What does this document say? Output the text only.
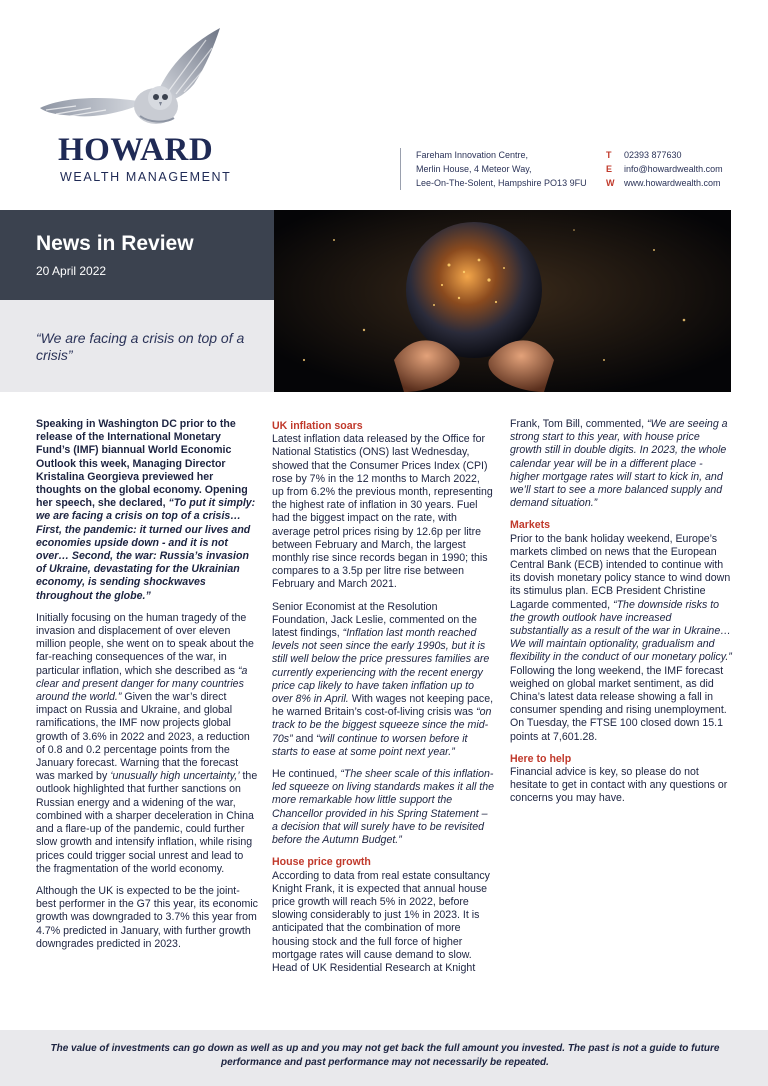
HOWARD
WEALTH MANAGEMENT
Fareham Innovation Centre,
Merlin House, 4 Meteor Way,
Lee-On-The-Solent, Hampshire PO13 9FU
T 02393 877630
E info@howardwealth.com
W www.howardwealth.com
News in Review
20 April 2022
“We are facing a crisis on top of a crisis”

Speaking in Washington DC prior to the release of the International Monetary Fund’s (IMF) biannual World Economic Outlook this week, Managing Director Kristalina Georgieva previewed her thoughts on the global economy. Opening her speech, she declared, “To put it simply: we are facing a crisis on top of a crisis… First, the pandemic: it turned our lives and economies upside down - and it is not over… Second, the war: Russia’s invasion of Ukraine, devastating for the Ukrainian economy, is sending shockwaves throughout the globe.”

Initially focusing on the human tragedy of the invasion and displacement of over eleven million people, she went on to speak about the far-reaching consequences of the war, in particular inflation, which she described as “a clear and present danger for many countries around the world.” Given the war’s direct impact on Russia and Ukraine, and global ramifications, the IMF now projects global growth of 3.6% in 2022 and 2023, a reduction of 0.8 and 0.2 percentage points from the January forecast. Warning that the forecast was marked by ‘unusually high uncertainty,’ the outlook highlighted that further sanctions on Russian energy and a widening of the war, combined with a sharper deceleration in China and a flare-up of the pandemic, could further slow growth and intensify inflation, while rising prices could trigger social unrest and lead to the fragmentation of the world economy.

Although the UK is expected to be the joint-best performer in the G7 this year, its economic growth was downgraded to 3.7% this year from 4.7% predicted in January, with further growth downgrades predicted in 2023.

UK inflation soars

Latest inflation data released by the Office for National Statistics (ONS) last Wednesday, showed that the Consumer Prices Index (CPI) rose by 7% in the 12 months to March 2022, up from 6.2% the previous month, representing the highest rate of inflation in 30 years. Fuel had the biggest impact on the rate, with average petrol prices rising by 12.6p per litre between February and March, the largest monthly rise since records began in 1990; this compares to a 3.5p per litre rise between February and March 2021.

Senior Economist at the Resolution Foundation, Jack Leslie, commented on the latest findings, “Inflation last month reached levels not seen since the early 1990s, but it is still well below the price pressures families are currently experiencing with the recent energy price cap likely to have taken inflation up to over 8% in April. With wages not keeping pace, he warned Britain’s cost-of-living crisis was “on track to be the biggest squeeze since the mid-70s” and “will continue to worsen before it starts to ease at some point next year.”

He continued, “The sheer scale of this inflation-led squeeze on living standards makes it all the more remarkable how little support the Chancellor provided in his Spring Statement – a decision that will surely have to be revisited before the Autumn Budget.”

House price growth

According to data from real estate consultancy Knight Frank, it is expected that annual house price growth will reach 5% in 2022, before slowing considerably to just 1% in 2023. It is anticipated that the combination of more housing stock and the full force of higher mortgage rates will cause demand to slow. Head of UK Residential Research at Knight

Frank, Tom Bill, commented, “We are seeing a strong start to this year, with house price growth still in double digits. In 2023, the whole calendar year will be in a different place - higher mortgage rates will start to kick in, and we’ll start to see a more balanced supply and demand situation.”

Markets

Prior to the bank holiday weekend, Europe’s markets climbed on news that the European Central Bank (ECB) intended to continue with its dovish monetary policy stance to wind down its stimulus plan. ECB President Christine Lagarde commented, “The downside risks to the growth outlook have increased substantially as a result of the war in Ukraine… We will maintain optionality, gradualism and flexibility in the conduct of our monetary policy.” Following the long weekend, the IMF forecast weighed on global market sentiment, as did China’s latest data release showing a fall in consumer spending and rising unemployment. On Tuesday, the FTSE 100 closed down 15.1 points at 7,601.28.

Here to help

Financial advice is key, so please do not hesitate to get in contact with any questions or concerns you may have.

The value of investments can go down as well as up and you may not get back the full amount you invested. The past is not a guide to future performance and past performance may not necessarily be repeated.
